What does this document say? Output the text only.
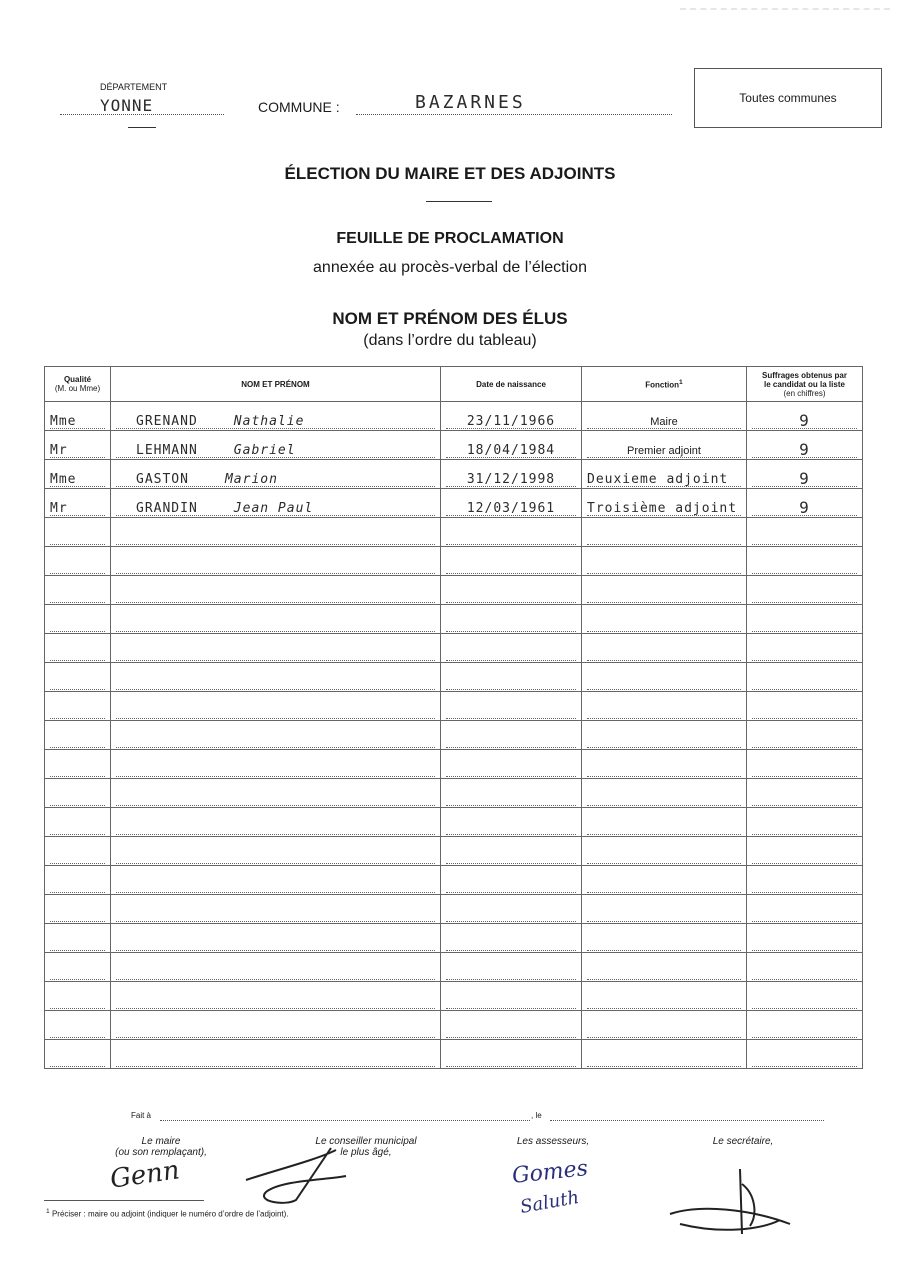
DÉPARTEMENT
YONNE	COMMUNE :	BAZARNES	Toutes communes
ÉLECTION DU MAIRE ET DES ADJOINTS
FEUILLE DE PROCLAMATION
annexée au procès-verbal de l’élection
NOM ET PRÉNOM DES ÉLUS
(dans l’ordre du tableau)
Qualité
(M. ou Mme)	NOM ET PRÉNOM	Date de naissance	Fonction$^1$	Suffrages obtenus par
le candidat ou la liste
(en chiffres)

Mme	GRENAND Nathalie	23/11/1966	Maire	9

Mr	LEHMANN Gabriel	18/04/1984	Premier adjoint	9

Mme	GASTON Marion	31/12/1998	Deuxieme adjoint	9

Mr	GRANDIN Jean Paul	12/03/1961	Troisième adjoint	9

Fait à	, le
Le maire
(ou son remplaçant),
Le conseiller municipal
le plus âgé,
Les assesseurs,	Le secrétaire,
Genn	Gomes
Saluth
$^1$ Préciser : maire ou adjoint (indiquer le numéro d’ordre de l’adjoint).
